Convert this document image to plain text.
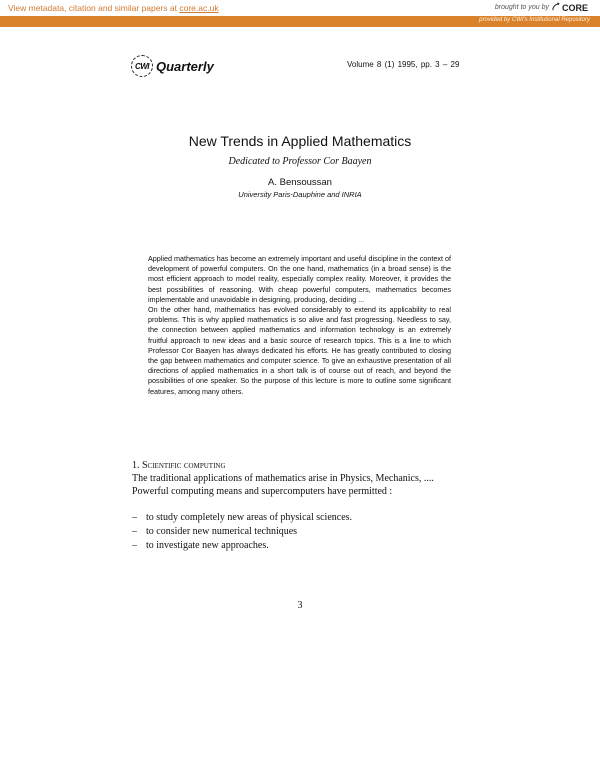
View metadata, citation and similar papers at core.ac.uk	brought to you by CORE
provided by CWI's Institutional Repository
CWI Quarterly	Volume 8 (1) 1995, pp. 3 – 29
New Trends in Applied Mathematics
Dedicated to Professor Cor Baayen
A. Bensoussan
University Paris-Dauphine and INRIA

Applied mathematics has become an extremely important and useful discipline in the context of development of powerful computers. On the one hand, mathematics (in a broad sense) is the most efficient approach to model reality, especially complex reality. Moreover, it provides the best possibilities of reasoning. With cheap powerful computers, mathematics becomes implementable and unavoidable in designing, producing, deciding ...

On the other hand, mathematics has evolved considerably to extend its applicability to real problems. This is why applied mathematics is so alive and fast progressing. Needless to say, the connection between applied mathematics and information technology is an extremely fruitful approach to new ideas and a basic source of research topics. This is a line to which Professor Cor Baayen has always dedicated his efforts. He has greatly contributed to closing the gap between mathematics and computer science. To give an exhaustive presentation of all directions of applied mathematics in a short talk is of course out of reach, and beyond the possibilities of one speaker. So the purpose of this lecture is more to outline some significant features, among many others.

1. Scientific computing

The traditional applications of mathematics arise in Physics, Mechanics, .... Powerful computing means and supercomputers have permitted :

– to study completely new areas of physical sciences.
– to consider new numerical techniques
– to investigate new approaches.
3
